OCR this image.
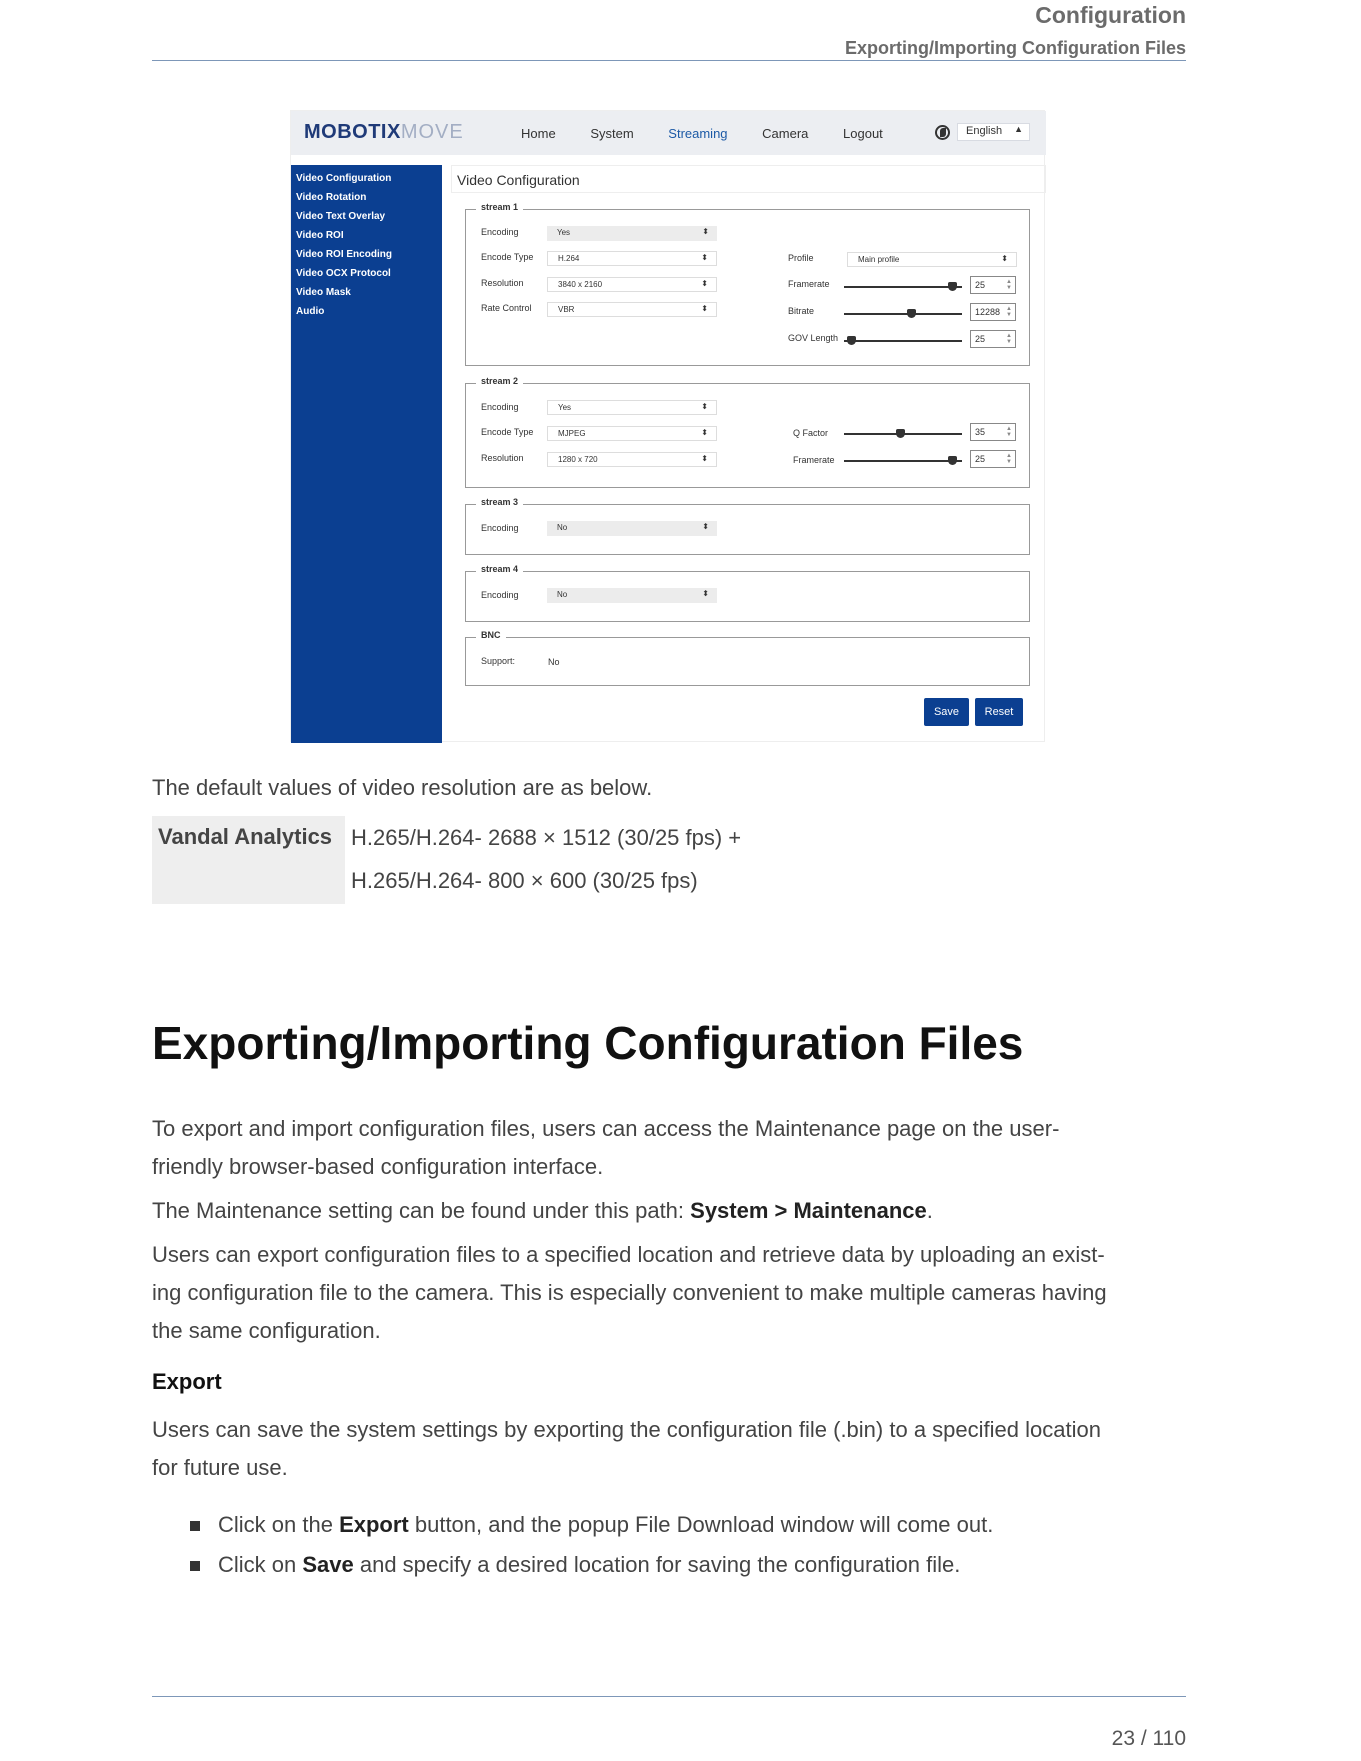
Configuration
Exporting/Importing Configuration Files
MOBOTIXMOVE	Home	System	Streaming	Camera	Logout	English ▲

Video Configuration
Video Rotation
Video Text Overlay
Video ROI
Video ROI Encoding
Video OCX Protocol
Video Mask
Audio
Video Configuration
stream 1
Encoding	Yes	⬍
Encode Type	H.264	⬍
Resolution	3840 x 2160	⬍
Rate Control	VBR	⬍
Profile	Main profile	⬍
Framerate	25	▲
▼
Bitrate	12288 ▲
▼
GOV Length	25	▲
▼
stream 2
Encoding	Yes	⬍
Encode Type	MJPEG	⬍
Resolution	1280 x 720	⬍
Q Factor	35	▲
▼
Framerate	25	▲
▼
stream 3
Encoding	No	⬍
stream 4
Encoding	No	⬍
BNC
Support:	No
Save	Reset
The default values of video resolution are as below.
Vandal Analytics H.265/H.264- 2688 × 1512 (30/25 fps) +
H.265/H.264- 800 × 600 (30/25 fps)
Exporting/Importing Configuration Files
To export and import configuration files, users can access the Maintenance page on the user-
friendly browser-based configuration interface.
The Maintenance setting can be found under this path: System > Maintenance.
Users can export configuration files to a specified location and retrieve data by uploading an exist-
ing configuration file to the camera. This is especially convenient to make multiple cameras having
the same configuration.
Export
Users can save the system settings by exporting the configuration file (.bin) to a specified location
for future use.
Click on the Export button, and the popup File Download window will come out.
Click on Save and specify a desired location for saving the configuration file.
23 / 110
